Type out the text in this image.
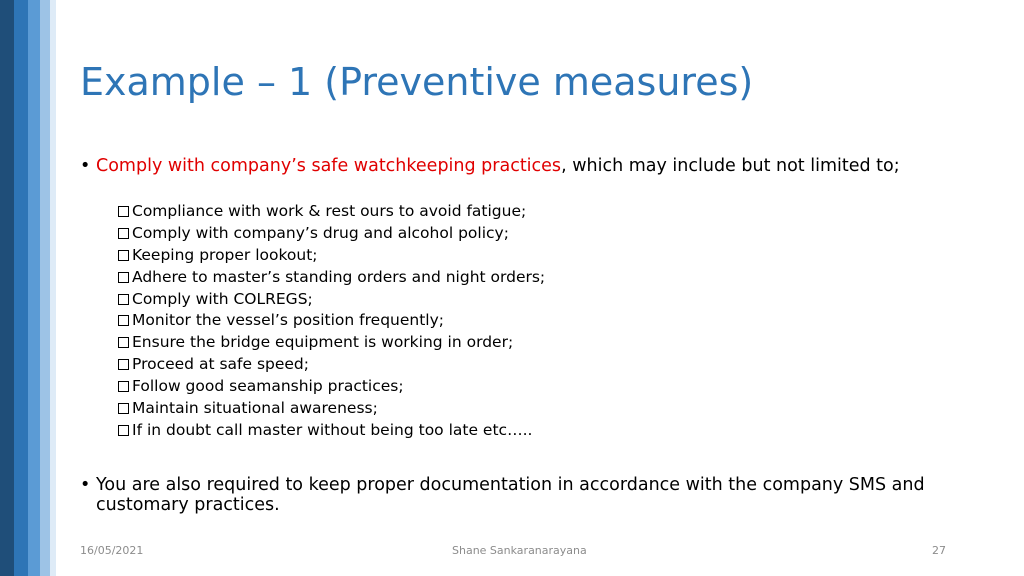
Example – 1 (Preventive measures)
• Comply with company’s safe watchkeeping practices, which may include but not limited to;
Compliance with work & rest ours to avoid fatigue;
Comply with company’s drug and alcohol policy;
Keeping proper lookout;
Adhere to master’s standing orders and night orders;
Comply with COLREGS;
Monitor the vessel’s position frequently;
Ensure the bridge equipment is working in order;
Proceed at safe speed;
Follow good seamanship practices;
Maintain situational awareness;
If in doubt call master without being too late etc…..
• You are also required to keep proper documentation in accordance with the company SMS and customary practices.
16/05/2021	Shane Sankaranarayana	27
